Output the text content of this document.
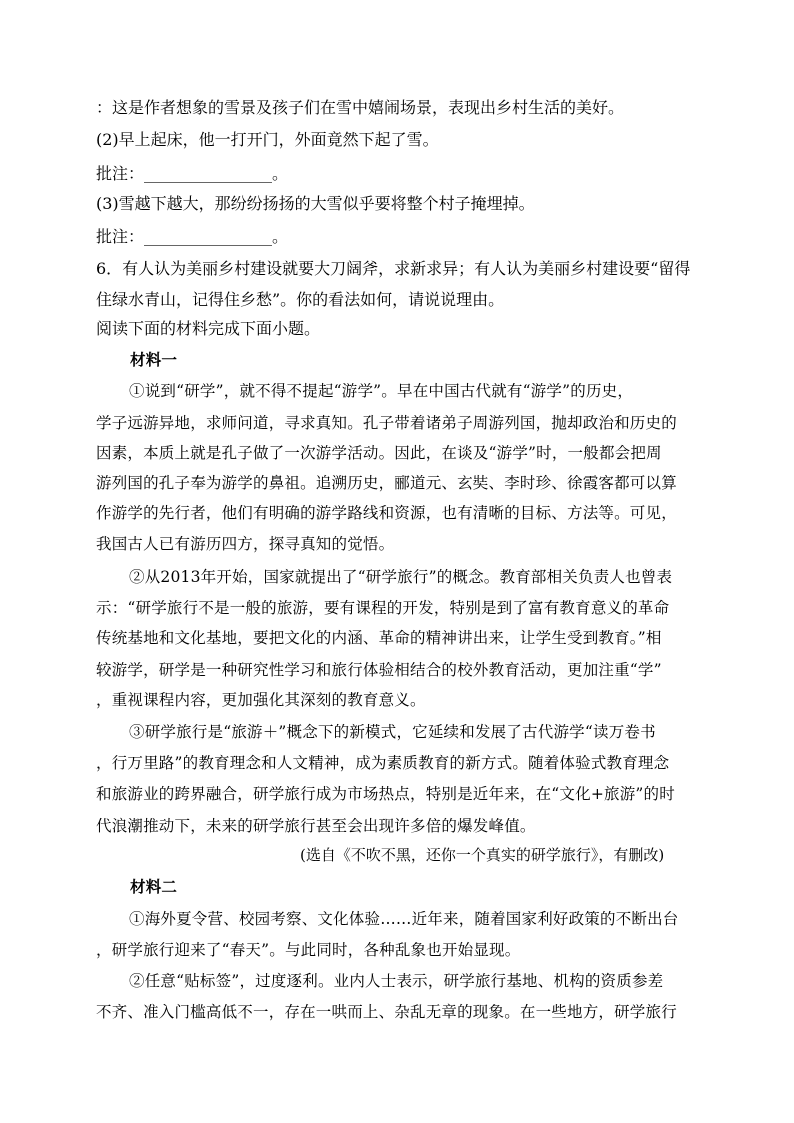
：这是作者想象的雪景及孩子们在雪中嬉闹场景，表现出乡村生活的美好。
(2)早上起床，他一打开门，外面竟然下起了雪。
批注：________________。
(3)雪越下越大，那纷纷扬扬的大雪似乎要将整个村子掩埋掉。
批注：________________。
6．有人认为美丽乡村建设就要大刀阔斧，求新求异；有人认为美丽乡村建设要“留得
住绿水青山，记得住乡愁”。你的看法如何，请说说理由。
阅读下面的材料完成下面小题。
材料一
①说到“研学”，就不得不提起“游学”。早在中国古代就有“游学”的历史，
学子远游异地，求师问道，寻求真知。孔子带着诸弟子周游列国，抛却政治和历史的
因素，本质上就是孔子做了一次游学活动。因此，在谈及“游学”时，一般都会把周
游列国的孔子奉为游学的鼻祖。追溯历史，郦道元、玄奘、李时珍、徐霞客都可以算
作游学的先行者，他们有明确的游学路线和资源，也有清晰的目标、方法等。可见，
我国古人已有游历四方，探寻真知的觉悟。
②从2013年开始，国家就提出了“研学旅行”的概念。教育部相关负责人也曾表
示：“研学旅行不是一般的旅游，要有课程的开发，特别是到了富有教育意义的革命
传统基地和文化基地，要把文化的内涵、革命的精神讲出来，让学生受到教育。”相
较游学，研学是一种研究性学习和旅行体验相结合的校外教育活动，更加注重“学”
，重视课程内容，更加强化其深刻的教育意义。
③研学旅行是“旅游＋”概念下的新模式，它延续和发展了古代游学“读万卷书
，行万里路”的教育理念和人文精神，成为素质教育的新方式。随着体验式教育理念
和旅游业的跨界融合，研学旅行成为市场热点，特别是近年来，在“文化+旅游”的时
代浪潮推动下，未来的研学旅行甚至会出现许多倍的爆发峰值。
(选自《不吹不黑，还你一个真实的研学旅行》，有删改)
材料二
①海外夏令营、校园考察、文化体验……近年来，随着国家利好政策的不断出台
，研学旅行迎来了“春天”。与此同时，各种乱象也开始显现。
②任意“贴标签”，过度逐利。业内人士表示，研学旅行基地、机构的资质参差
不齐、准入门槛高低不一，存在一哄而上、杂乱无章的现象。在一些地方，研学旅行
